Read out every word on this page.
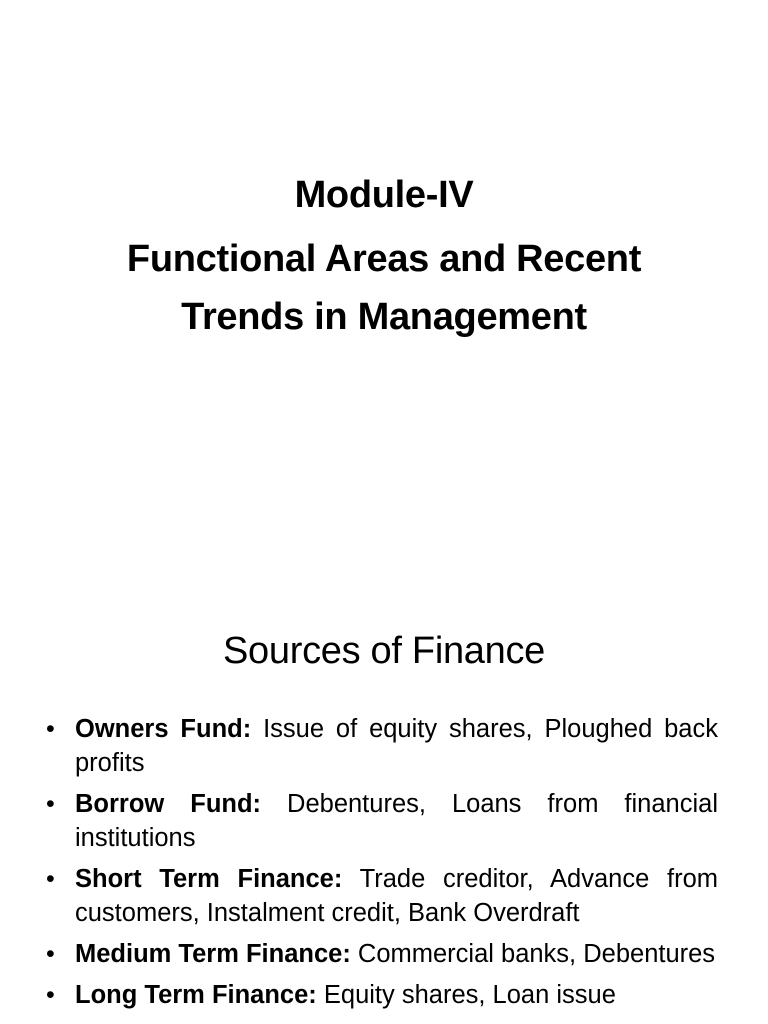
Module-IV
Functional Areas and Recent
Trends in Management
Sources of Finance
• Owners Fund: Issue of equity shares, Ploughed back profits
• Borrow Fund: Debentures, Loans from financial institutions
• Short Term Finance: Trade creditor, Advance from customers, Instalment credit, Bank Overdraft
• Medium Term Finance: Commercial banks, Debentures
• Long Term Finance: Equity shares, Loan issue
